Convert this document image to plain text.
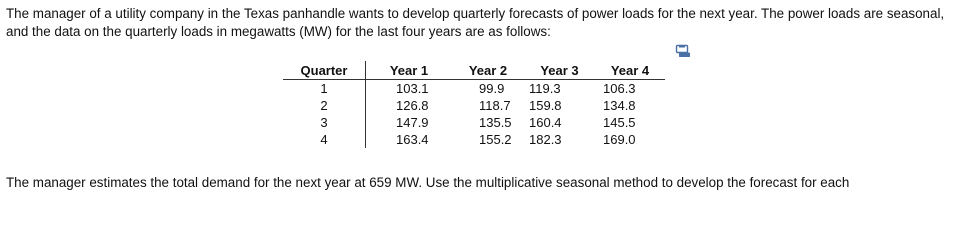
The manager of a utility company in the Texas panhandle wants to develop quarterly forecasts of power loads for the next year. The power loads are seasonal, and the data on the quarterly loads in megawatts (MW) for the last four years are as follows:

Quarter	Year 1	Year 2	Year 3	Year 4
1	103.1	99.9	119.3	106.3
2	126.8	118.7	159.8	134.8
3	147.9	135.5	160.4	145.5
4	163.4	155.2	182.3	169.0

The manager estimates the total demand for the next year at 659 MW. Use the multiplicative seasonal method to develop the forecast for each
